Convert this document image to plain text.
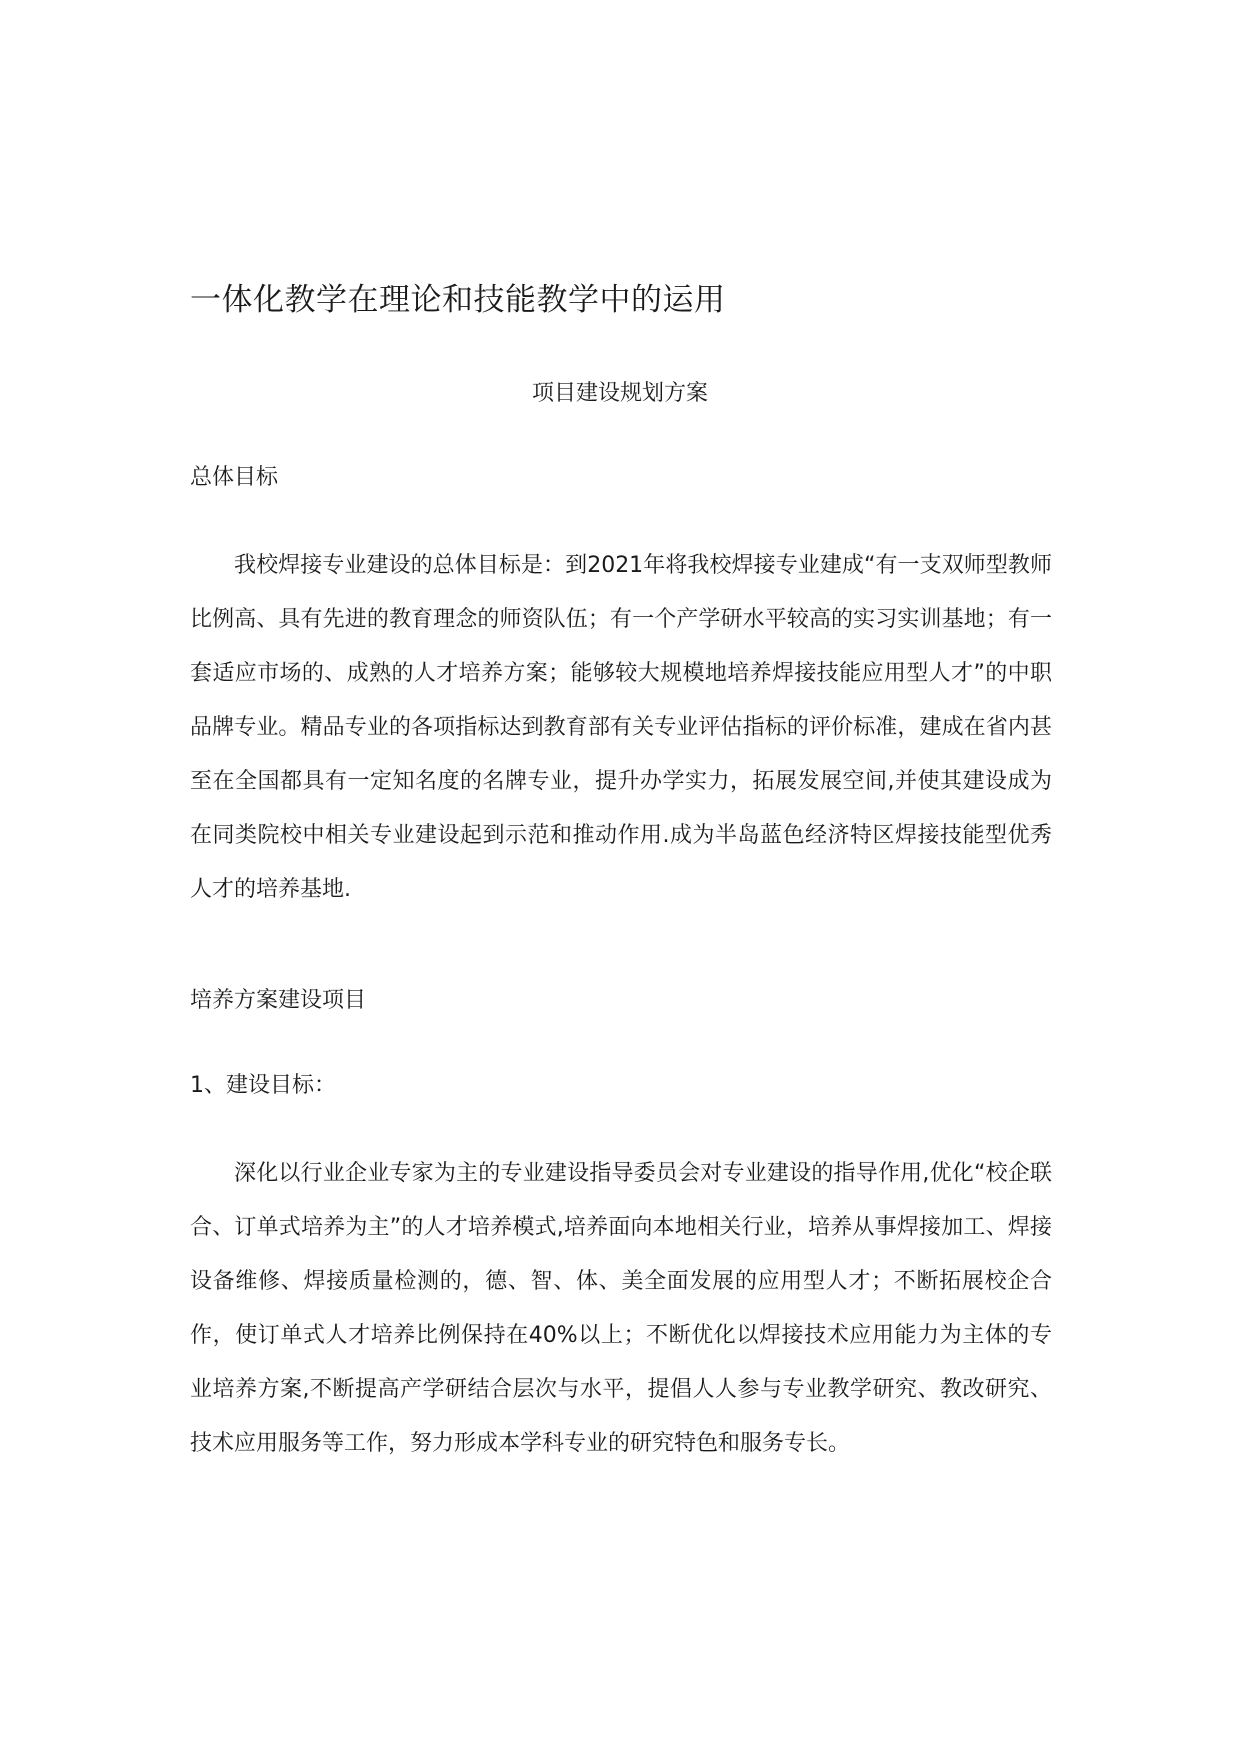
一体化教学在理论和技能教学中的运用

项目建设规划方案

总体目标

我校焊接专业建设的总体目标是：到2021年将我校焊接专业建成“有一支双师型教师比例高、具有先进的教育理念的师资队伍；有一个产学研水平较高的实习实训基地；有一套适应市场的、成熟的人才培养方案；能够较大规模地培养焊接技能应用型人才”的中职品牌专业。精品专业的各项指标达到教育部有关专业评估指标的评价标准，建成在省内甚至在全国都具有一定知名度的名牌专业，提升办学实力，拓展发展空间,并使其建设成为在同类院校中相关专业建设起到示范和推动作用.成为半岛蓝色经济特区焊接技能型优秀人才的培养基地.

培养方案建设项目

1、建设目标：

深化以行业企业专家为主的专业建设指导委员会对专业建设的指导作用,优化“校企联合、订单式培养为主”的人才培养模式,培养面向本地相关行业，培养从事焊接加工、焊接设备维修、焊接质量检测的，德、智、体、美全面发展的应用型人才；不断拓展校企合作，使订单式人才培养比例保持在40%以上；不断优化以焊接技术应用能力为主体的专业培养方案,不断提高产学研结合层次与水平，提倡人人参与专业教学研究、教改研究、技术应用服务等工作，努力形成本学科专业的研究特色和服务专长。
